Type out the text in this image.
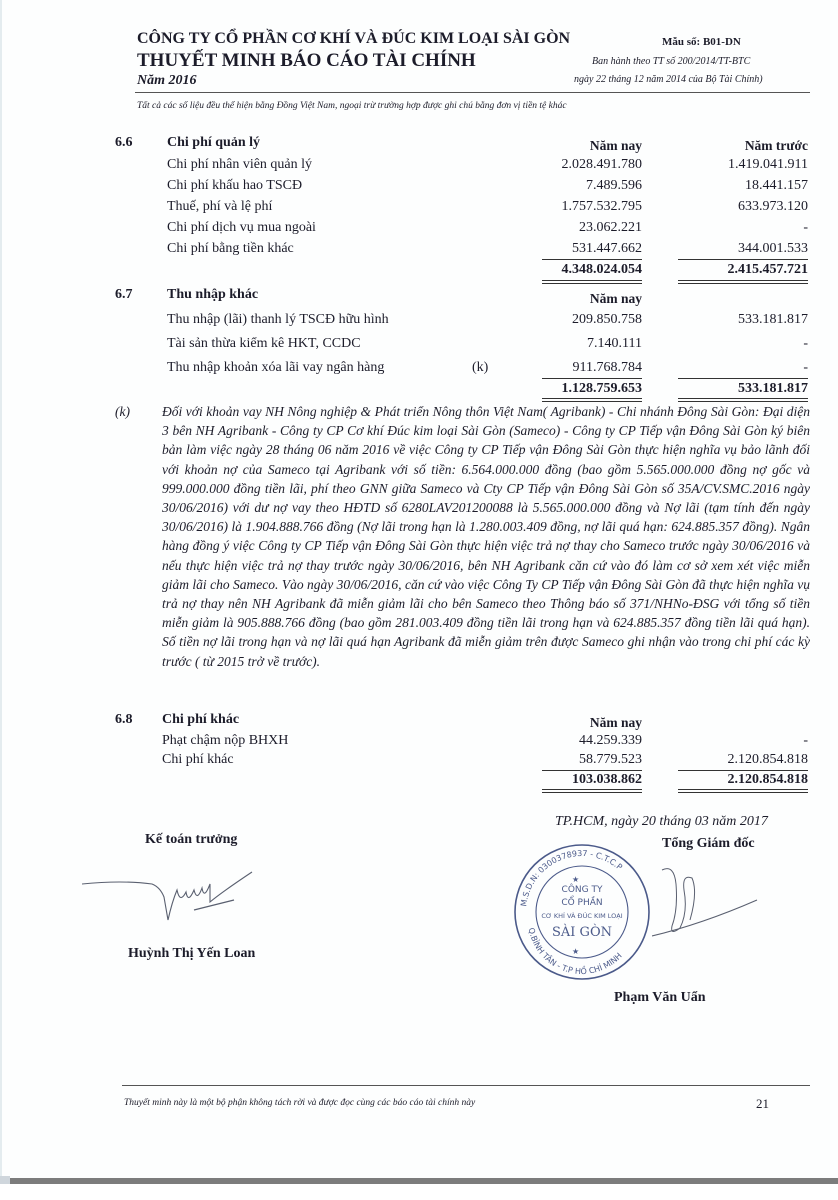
CÔNG TY CỔ PHẦN CƠ KHÍ VÀ ĐÚC KIM LOẠI SÀI GÒN
THUYẾT MINH BÁO CÁO TÀI CHÍNH
Năm 2016
Mẫu số: B01-DN
Ban hành theo TT số 200/2014/TT-BTC
ngày 22 tháng 12 năm 2014 của Bộ Tài Chính)
Tất cả các số liệu đều thể hiện bằng Đồng Việt Nam, ngoại trừ trường hợp được ghi chú bằng đơn vị tiền tệ khác
6.6 Chi phí quản lý	Năm nay	Năm trước
Chi phí nhân viên quản lý	2.028.491.780	1.419.041.911
Chi phí khấu hao TSCĐ	7.489.596	18.441.157
Thuế, phí và lệ phí	1.757.532.795	633.973.120
Chi phí dịch vụ mua ngoài	23.062.221	-
Chi phí bằng tiền khác	531.447.662	344.001.533
4.348.024.054	2.415.457.721
6.7 Thu nhập khác	Năm nay
Thu nhập (lãi) thanh lý TSCĐ hữu hình	209.850.758	533.181.817
Tài sản thừa kiểm kê HKT, CCDC	7.140.111	-
Thu nhập khoản xóa lãi vay ngân hàng	(k)	911.768.784	-
1.128.759.653	533.181.817
(k) Đối với khoản vay NH Nông nghiệp & Phát triển Nông thôn Việt Nam( Agribank) - Chi nhánh Đông Sài Gòn: Đại diện 3 bên NH Agribank - Công ty CP Cơ khí Đúc kim loại Sài Gòn (Sameco) - Công ty CP Tiếp vận Đông Sài Gòn ký biên bản làm việc ngày 28 tháng 06 năm 2016 về việc Công ty CP Tiếp vận Đông Sài Gòn thực hiện nghĩa vụ bảo lãnh đối với khoản nợ của Sameco tại Agribank với số tiền: 6.564.000.000 đồng (bao gồm 5.565.000.000 đồng nợ gốc và 999.000.000 đồng tiền lãi, phí theo GNN giữa Sameco và Cty CP Tiếp vận Đông Sài Gòn số 35A/CV.SMC.2016 ngày 30/06/2016) với dư nợ vay theo HĐTD số 6280LAV201200088 là 5.565.000.000 đồng và Nợ lãi (tạm tính đến ngày 30/06/2016) là 1.904.888.766 đồng (Nợ lãi trong hạn là 1.280.003.409 đồng, nợ lãi quá hạn: 624.885.357 đồng). Ngân hàng đồng ý việc Công ty CP Tiếp vận Đông Sài Gòn thực hiện việc trả nợ thay cho Sameco trước ngày 30/06/2016 và nếu thực hiện việc trả nợ thay trước ngày 30/06/2016, bên NH Agribank căn cứ vào đó làm cơ sở xem xét việc miễn giảm lãi cho Sameco. Vào ngày 30/06/2016, căn cứ vào việc Công Ty CP Tiếp vận Đông Sài Gòn đã thực hiện nghĩa vụ trả nợ thay nên NH Agribank đã miễn giảm lãi cho bên Sameco theo Thông báo số 371/NHNo-ĐSG với tổng số tiền miễn giảm là 905.888.766 đồng (bao gồm 281.003.409 đồng tiền lãi trong hạn và 624.885.357 đồng tiền lãi quá hạn). Số tiền nợ lãi trong hạn và nợ lãi quá hạn Agribank đã miễn giảm trên được Sameco ghi nhận vào trong chi phí các kỳ trước ( từ 2015 trở về trước).

6.8 Chi phí khác	Năm nay
Phạt chậm nộp BHXH	44.259.339	-
Chi phí khác	58.779.523	2.120.854.818
103.038.862	2.120.854.818
Kế toán trưởng
Huỳnh Thị Yến Loan
TP.HCM, ngày 20 tháng 03 năm 2017
Tổng Giám đốc
M.S.D.N: 0300378937 - C.T.C.P
Q.BÌNH TÂN - T.P HỒ CHÍ MINH
★
★
CÔNG TY
CỔ PHẦN
CƠ KHÍ VÀ ĐÚC KIM LOẠI
SÀI GÒN
Phạm Văn Uẩn
Thuyết minh này là một bộ phận không tách rời và được đọc cùng các báo cáo tài chính này	21
